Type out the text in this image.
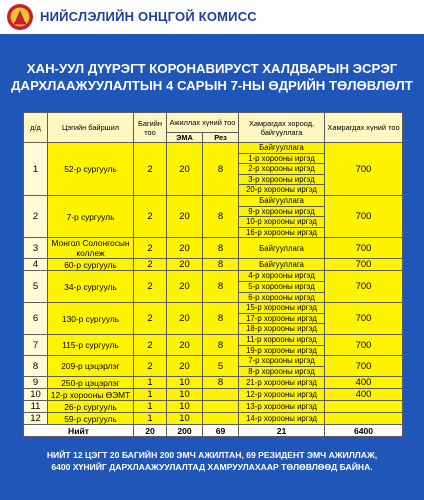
НИЙСЛЭЛИЙН ОНЦГОЙ КОМИСС
ХАН-УУЛ ДҮҮРЭГТ КОРОНАВИРУСТ ХАЛДВАРЫН ЭСРЭГ
ДАРХЛААЖУУЛАЛТЫН 4 САРЫН 7-НЫ ӨДРИЙН ТӨЛӨВЛӨЛТ
д/д	Цэгийн байршил	Багийн тоо	Ажиллах хүний тоо		Хамрагдах хороод, байгууллага	Хамрагдах хүний тоо
			ЭМА	Рез		
1	52-р сургууль	2	20	8	Байгууллага
1-р хорооны иргэд
2-р хорооны иргэд
3-р хорооны иргэд
20-р хорооны иргэд	700
2	7-р сургууль	2	20	8	Байгууллага
9-р хорооны иргэд
10-р хорооны иргэд
16-р хорооны иргэд	700
3	Монгол Солонгосын коллеж	2	20	8	Байгууллага	700
4	60-р сургууль	2	20	8	Байгууллага	700
5	34-р сургууль	2	20	8	4-р хорооны иргэд
5-р хорооны иргэд
6-р хорооны иргэд	700
6	130-р сургууль	2	20	8	15-р хорооны иргэд
17-р хорооны иргэд
18-р хорооны иргэд	700
7	115-р сургууль	2	20	8	11-р хорооны иргэд
19-р хорооны иргэд	700
8	209-р цэцэрлэг	2	20	5	7-р хорооны иргэд
8-р хорооны иргэд	700
9	250-р цэцэрлэг	1	10	8	21-р хорооны иргэд	400
10	12-р хорооны ӨЭМТ	1	10		12-р хорооны иргэд	400
11	26-р сургууль	1	10		13-р хорооны иргэд	

12	59-р сургууль	1	10		14-р хорооны иргэд	

Нийт		20	200	69	21	6400
НИЙТ 12 ЦЭГТ 20 БАГИЙН 200 ЭМЧ АЖИЛТАН, 69 РЕЗИДЕНТ ЭМЧ АЖИЛЛАЖ,
6400 ХҮНИЙГ ДАРХЛААЖУУЛАЛТАД ХАМРУУЛАХААР ТӨЛӨВЛӨӨД БАЙНА.
